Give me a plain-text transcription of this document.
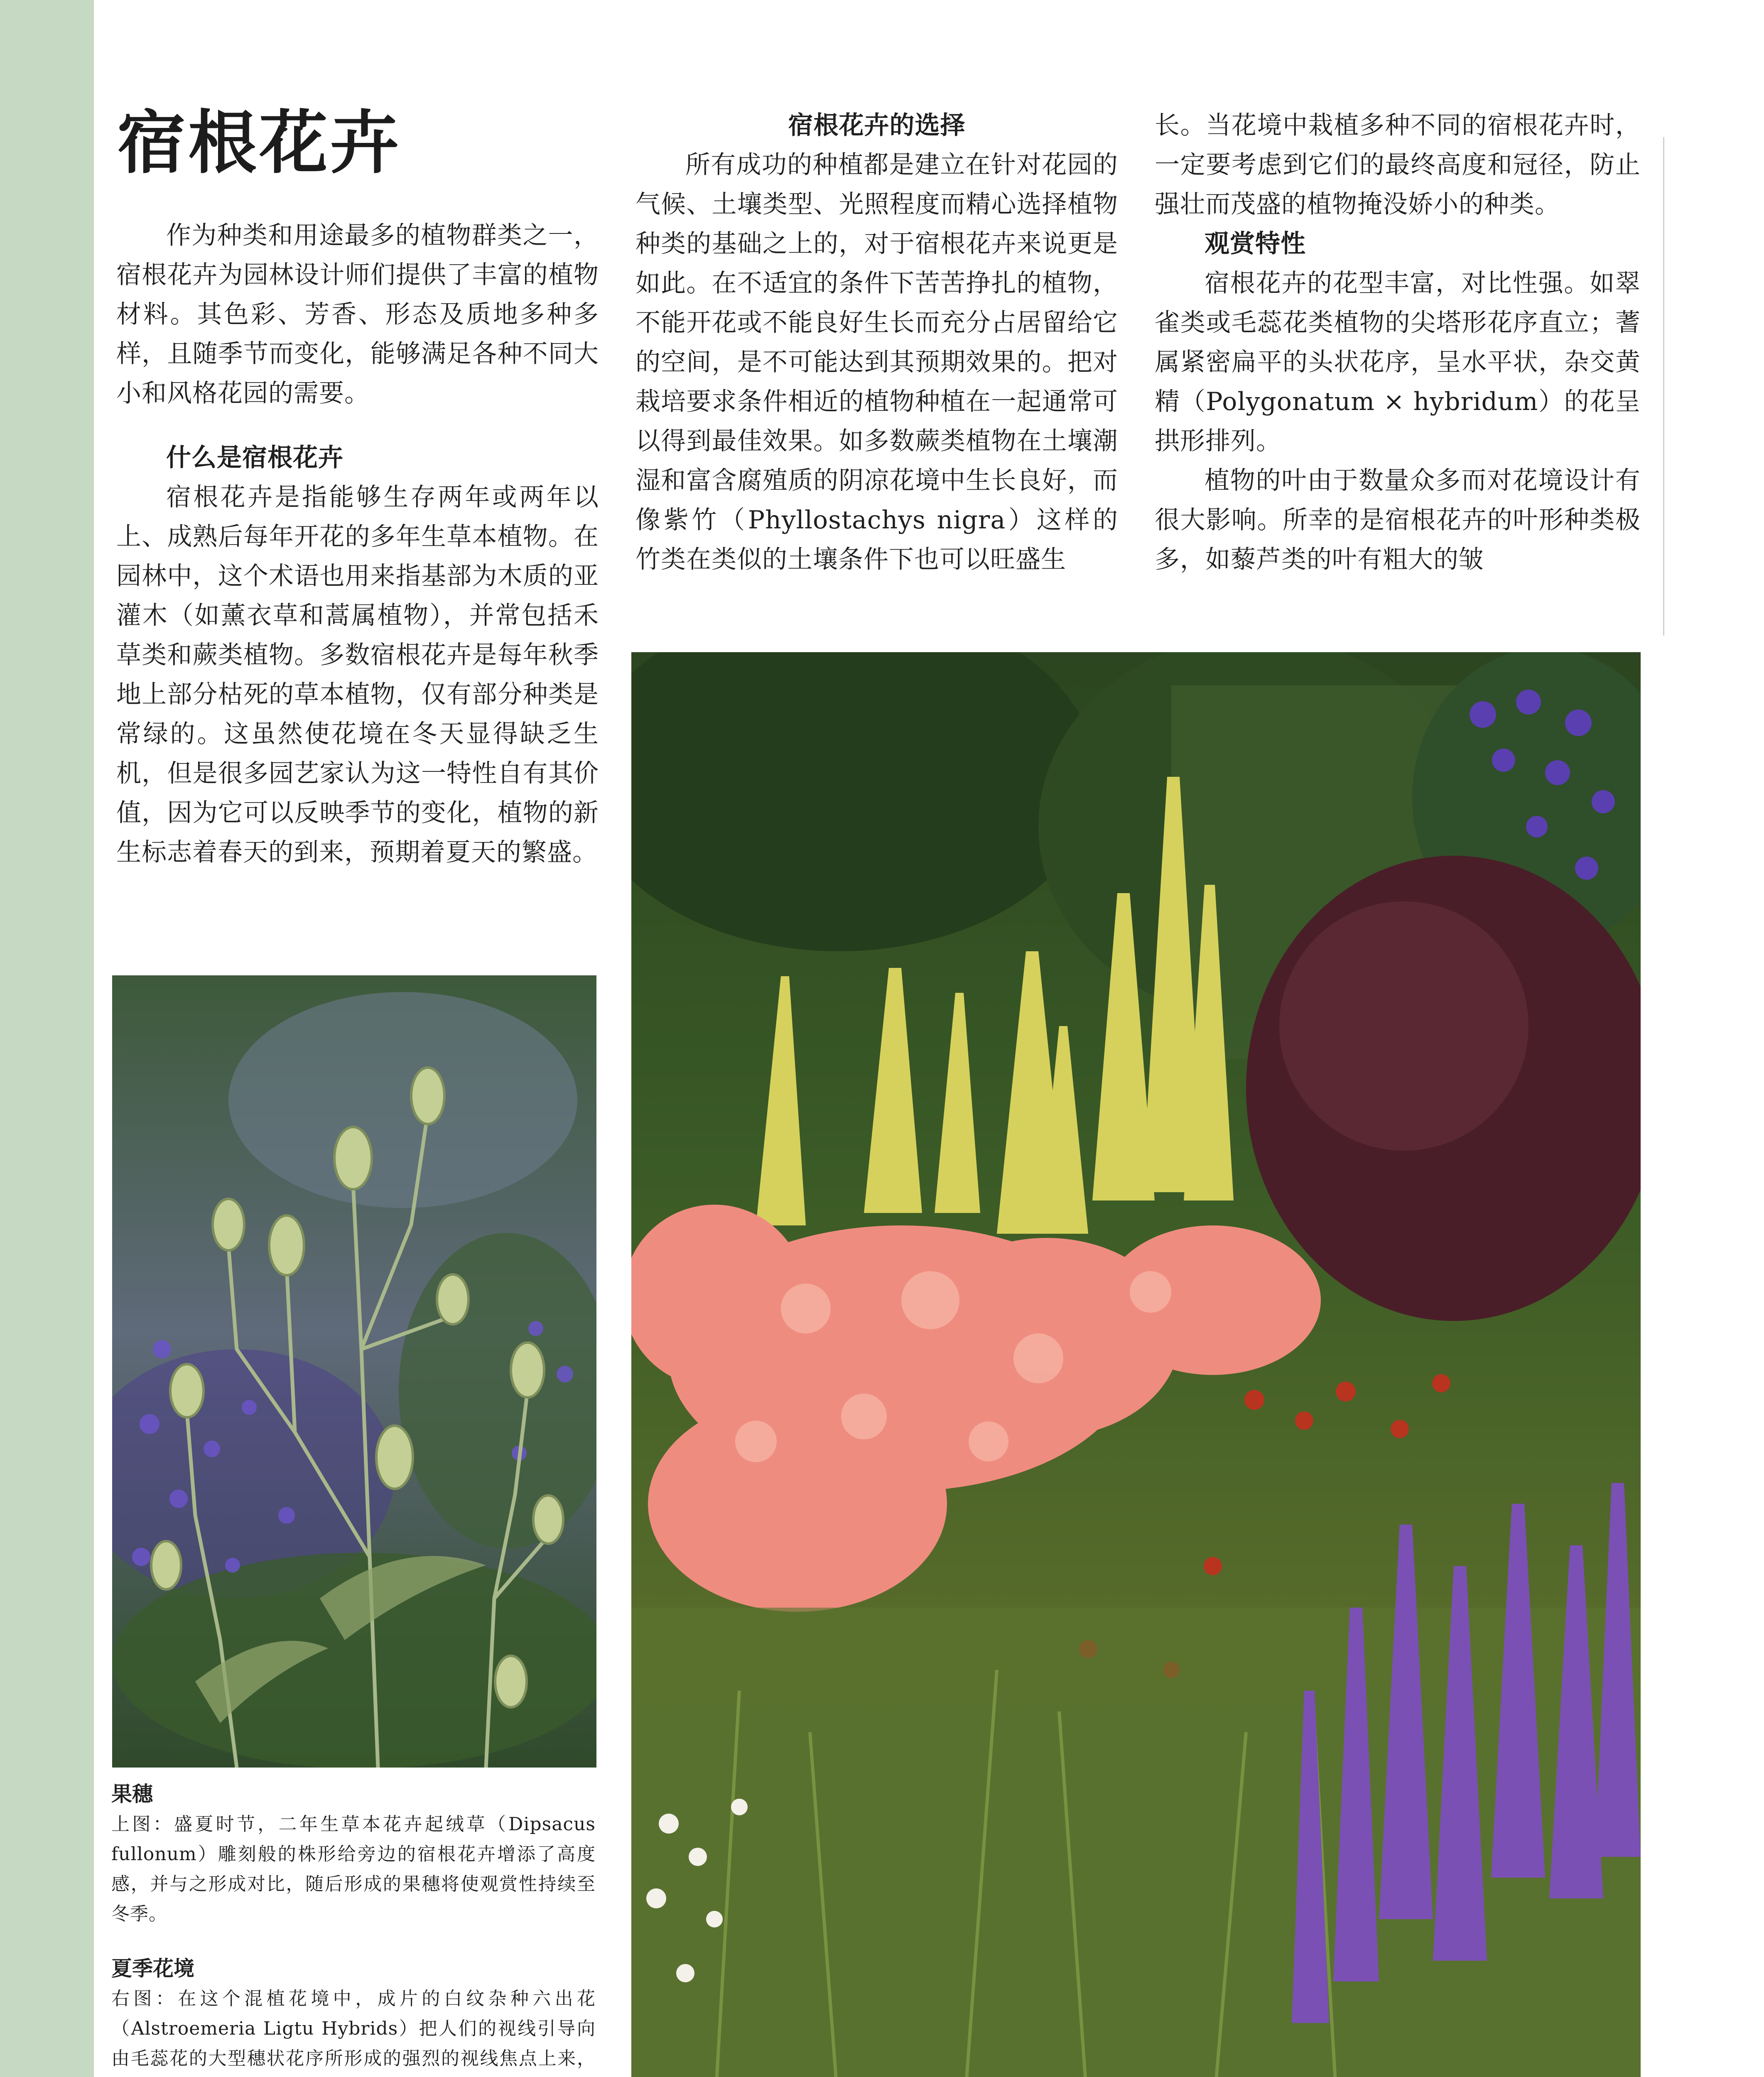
宿根花卉

作为种类和用途最多的植物群类之一，宿根花卉为园林设计师们提供了丰富的植物材料。其色彩、芳香、形态及质地多种多样，且随季节而变化，能够满足各种不同大小和风格花园的需要。

什么是宿根花卉

宿根花卉是指能够生存两年或两年以上、成熟后每年开花的多年生草本植物。在园林中，这个术语也用来指基部为木质的亚灌木（如薰衣草和蒿属植物），并常包括禾草类和蕨类植物。多数宿根花卉是每年秋季地上部分枯死的草本植物，仅有部分种类是常绿的。这虽然使花境在冬天显得缺乏生机，但是很多园艺家认为这一特性自有其价值，因为它可以反映季节的变化，植物的新生标志着春天的到来，预期着夏天的繁盛。

宿根花卉的选择

所有成功的种植都是建立在针对花园的气候、土壤类型、光照程度而精心选择植物种类的基础之上的，对于宿根花卉来说更是如此。在不适宜的条件下苦苦挣扎的植物，不能开花或不能良好生长而充分占居留给它的空间，是不可能达到其预期效果的。把对栽培要求条件相近的植物种植在一起通常可以得到最佳效果。如多数蕨类植物在土壤潮湿和富含腐殖质的阴凉花境中生长良好，而像紫竹（Phyllostachys nigra）这样的竹类在类似的土壤条件下也可以旺盛生

长。当花境中栽植多种不同的宿根花卉时，一定要考虑到它们的最终高度和冠径，防止强壮而茂盛的植物掩没娇小的种类。

观赏特性

宿根花卉的花型丰富，对比性强。如翠雀类或毛蕊花类植物的尖塔形花序直立；蓍属紧密扁平的头状花序，呈水平状，杂交黄精（Polygonatum × hybridum）的花呈拱形排列。

植物的叶由于数量众多而对花境设计有很大影响。所幸的是宿根花卉的叶形种类极多，如藜芦类的叶有粗大的皱

果穗
上图：盛夏时节，二年生草本花卉起绒草（Dipsacus fullonum）雕刻般的株形给旁边的宿根花卉增添了高度感，并与之形成对比，随后形成的果穗将使观赏性持续至冬季。
夏季花境
右图：在这个混植花境中，成片的白纹杂种六出花（Alstroemeria Ligtu Hybrids）把人们的视线引导向由毛蕊花的大型穗状花序所形成的强烈的视线焦点上来，
